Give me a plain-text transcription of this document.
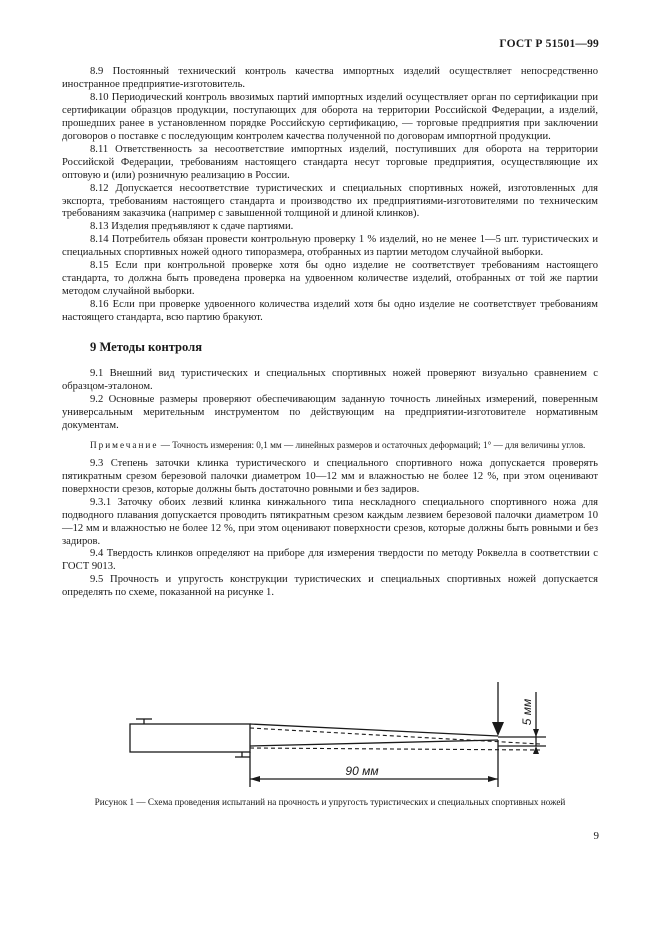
ГОСТ Р 51501—99

8.9 Постоянный технический контроль качества импортных изделий осуществляет непосредственно иностранное предприятие-изготовитель.

8.10 Периодический контроль ввозимых партий импортных изделий осуществляет орган по сертификации при сертификации образцов продукции, поступающих для оборота на территории Российской Федерации, а изделий, прошедших ранее в установленном порядке Российскую сертификацию, — торговые предприятия при заключении договоров о поставке с последующим контролем качества полученной по договорам импортной продукции.

8.11 Ответственность за несоответствие импортных изделий, поступивших для оборота на территории Российской Федерации, требованиям настоящего стандарта несут торговые предприятия, осуществляющие их оптовую и (или) розничную реализацию в России.

8.12 Допускается несоответствие туристических и специальных спортивных ножей, изготовленных для экспорта, требованиям настоящего стандарта и производство их предприятиями-изготовителями по техническим требованиям заказчика (например с завышенной толщиной и длиной клинков).

8.13 Изделия предъявляют к сдаче партиями.

8.14 Потребитель обязан провести контрольную проверку 1 % изделий, но не менее 1—5 шт. туристических и специальных спортивных ножей одного типоразмера, отобранных из партии методом случайной выборки.

8.15 Если при контрольной проверке хотя бы одно изделие не соответствует требованиям настоящего стандарта, то должна быть проведена проверка на удвоенном количестве изделий, отобранных от той же партии методом случайной выборки.

8.16 Если при проверке удвоенного количества изделий хотя бы одно изделие не соответствует требованиям настоящего стандарта, всю партию бракуют.

9 Методы контроля

9.1 Внешний вид туристических и специальных спортивных ножей проверяют визуально сравнением с образцом-эталоном.

9.2 Основные размеры проверяют обеспечивающим заданную точность линейных измерений, поверенным универсальным мерительным инструментом по действующим на предприятии-изготовителе нормативным документам.

Примечание — Точность измерения: 0,1 мм — линейных размеров и остаточных деформаций; 1° — для величины углов.

9.3 Степень заточки клинка туристического и специального спортивного ножа допускается проверять пятикратным срезом березовой палочки диаметром 10—12 мм и влажностью не более 12 %, при этом оценивают поверхности срезов, которые должны быть достаточно ровными и без задиров.

9.3.1 Заточку обоих лезвий клинка кинжального типа нескладного специального спортивного ножа для подводного плавания допускается проводить пятикратным срезом каждым лезвием березовой палочки диаметром 10—12 мм и влажностью не более 12 %, при этом оценивают поверхности срезов, которые должны быть ровными и без задиров.

9.4 Твердость клинков определяют на приборе для измерения твердости по методу Роквелла в соответствии с ГОСТ 9013.

9.5 Прочность и упругость конструкции туристических и специальных спортивных ножей допускается определять по схеме, показанной на рисунке 1.

90 мм
5 мм
Рисунок 1 — Схема проведения испытаний на прочность и упругость туристических и специальных спортивных ножей
9
